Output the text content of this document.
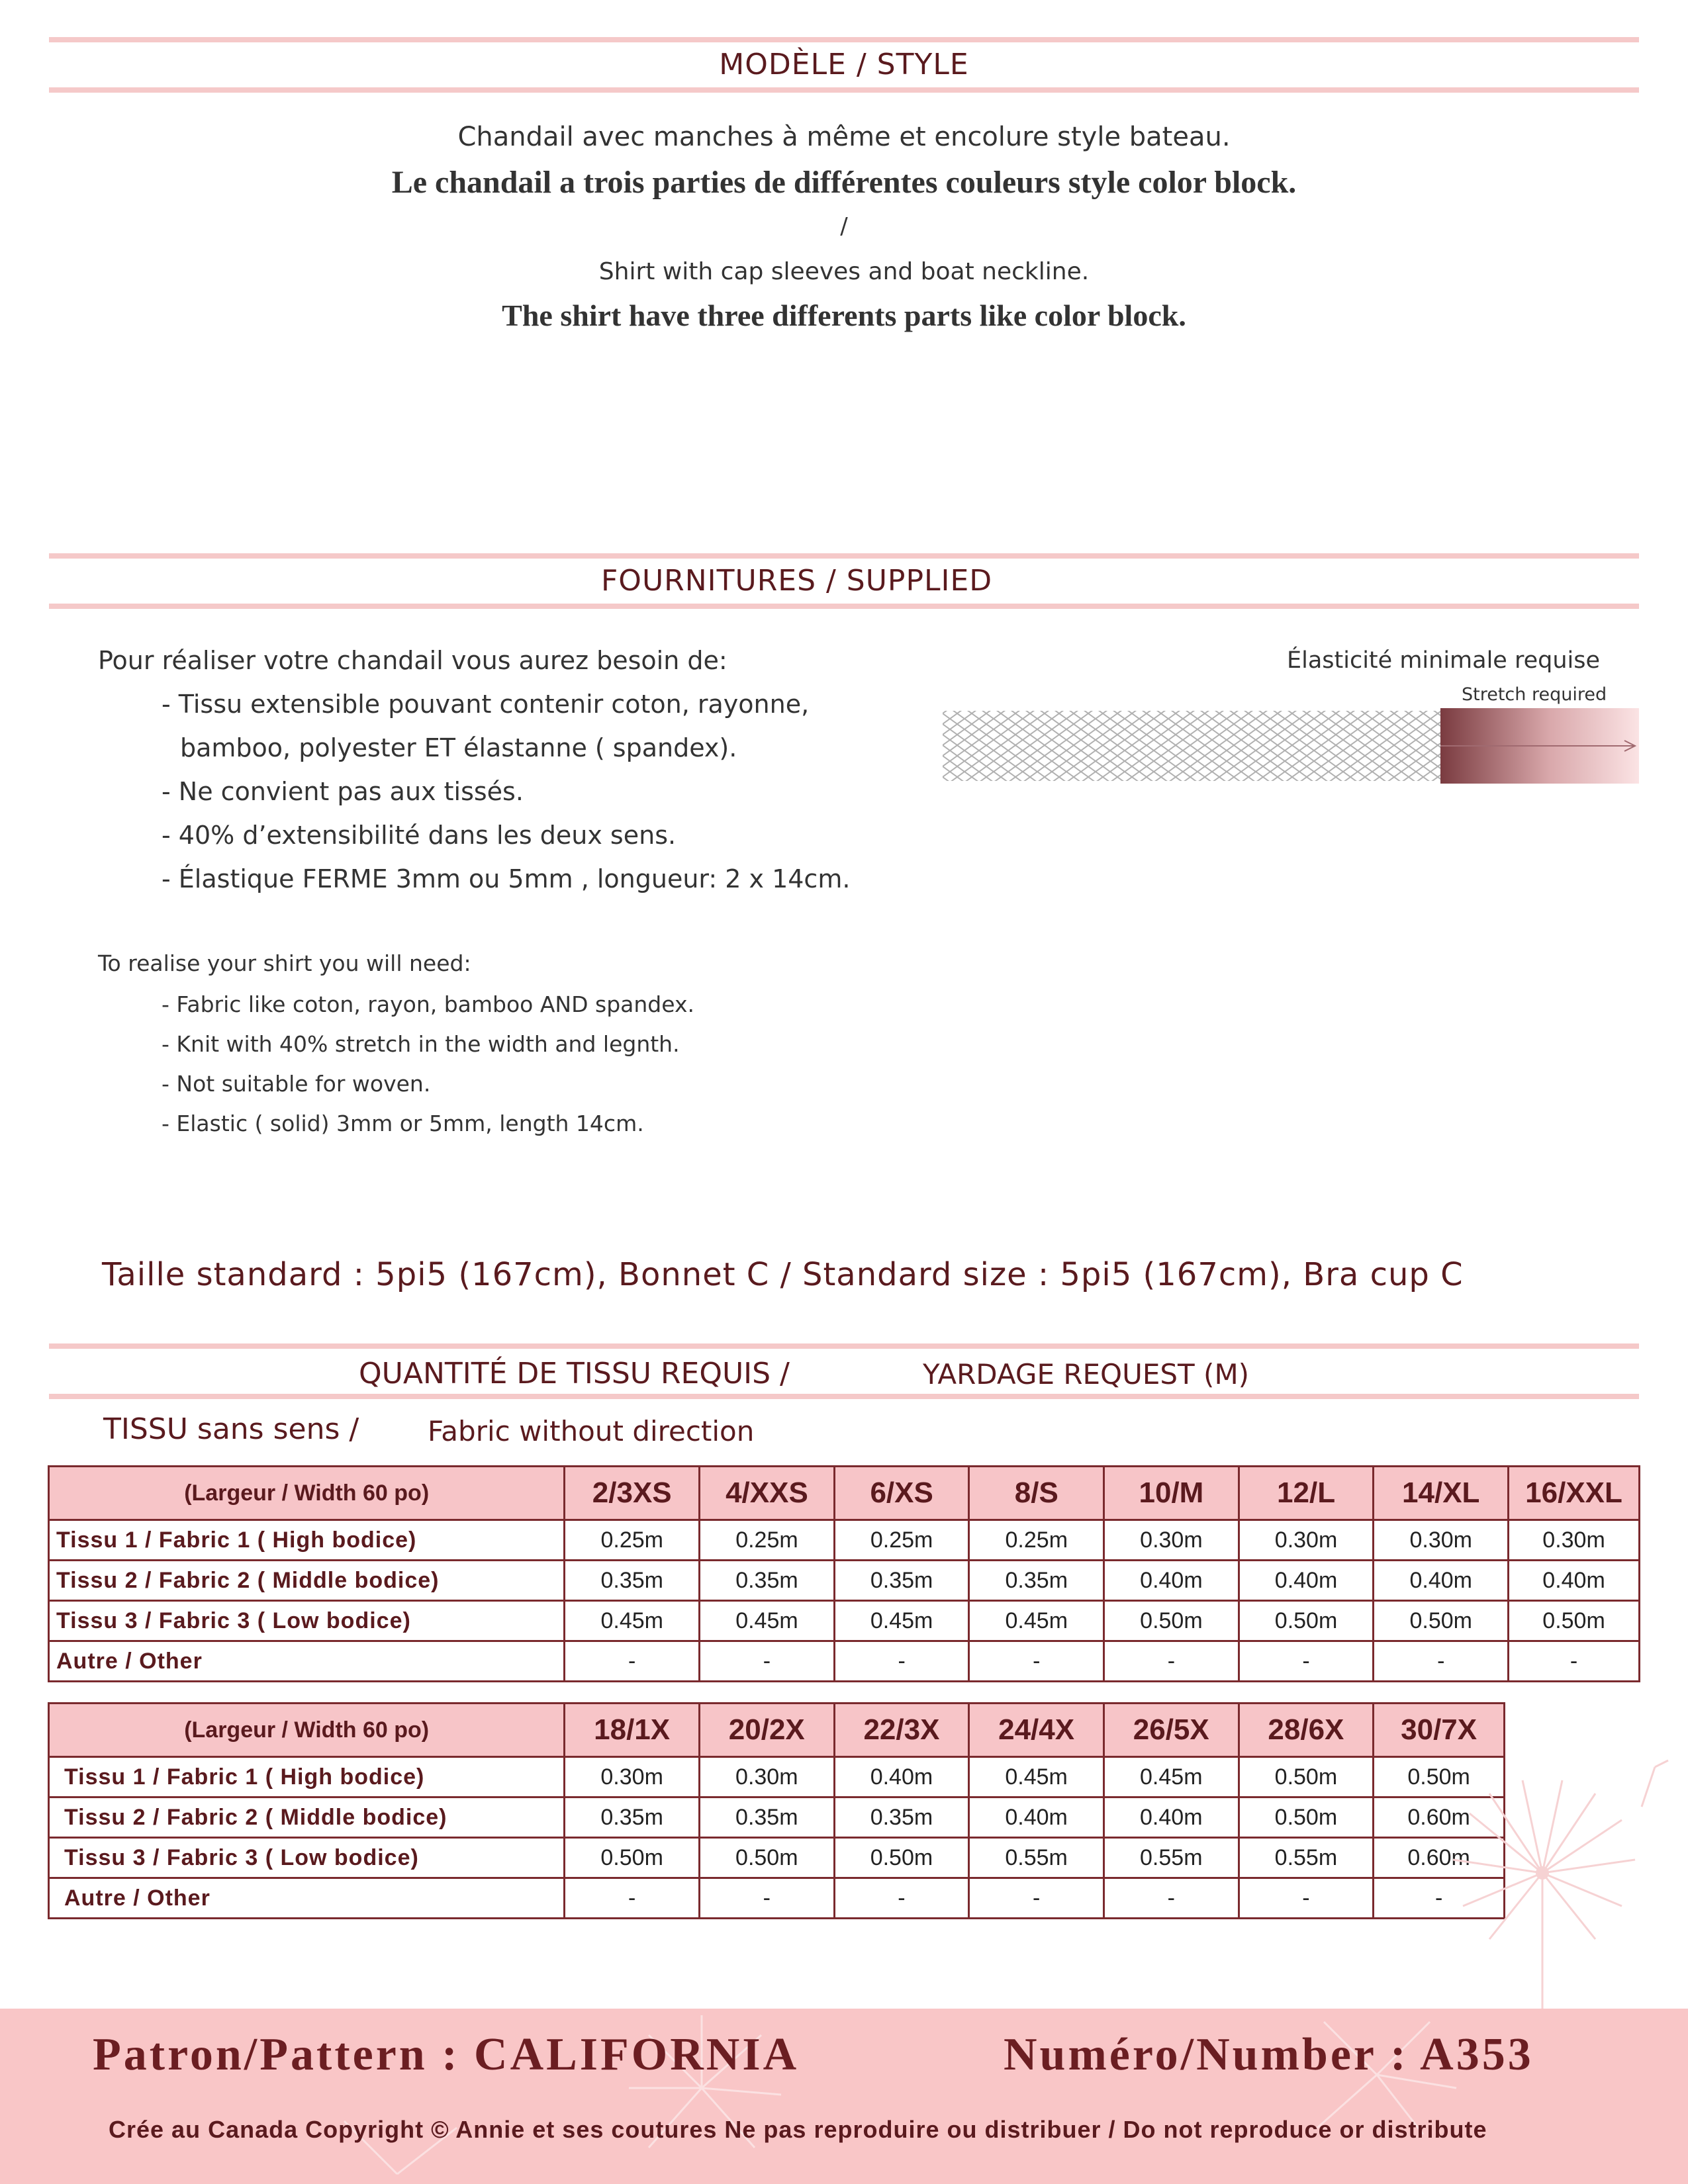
MODÈLE / STYLE
Chandail avec manches à même et encolure style bateau.
Le chandail a trois parties de différentes couleurs style color block.
/
Shirt with cap sleeves and boat neckline.
The shirt have three differents parts like color block.
FOURNITURES / SUPPLIED
Pour réaliser votre chandail vous aurez besoin de:
- Tissu extensible pouvant contenir coton, rayonne,
bamboo, polyester ET élastanne ( spandex).
- Ne convient pas aux tissés.
- 40% d’extensibilité dans les deux sens.
- Élastique FERME 3mm ou 5mm , longueur: 2 x 14cm.
To realise your shirt you will need:
- Fabric like coton, rayon, bamboo AND spandex.
- Knit with 40% stretch in the width and legnth.
- Not suitable for woven.
- Elastic ( solid) 3mm or 5mm, length 14cm.
Élasticité minimale requise
Stretch required
Taille standard : 5pi5 (167cm), Bonnet C / Standard size : 5pi5 (167cm), Bra cup C
QUANTITÉ DE TISSU REQUIS /	YARDAGE REQUEST (M)
TISSU sans sens / Fabric without direction
(Largeur / Width 60 po)	2/3XS	4/XXS	6/XS	8/S	10/M	12/L	14/XL	16/XXL
Tissu 1 / Fabric 1 ( High bodice)	0.25m	0.25m	0.25m	0.25m	0.30m	0.30m	0.30m	0.30m
Tissu 2 / Fabric 2 ( Middle bodice)	0.35m	0.35m	0.35m	0.35m	0.40m	0.40m	0.40m	0.40m
Tissu 3 / Fabric 3 ( Low bodice)	0.45m	0.45m	0.45m	0.45m	0.50m	0.50m	0.50m	0.50m
Autre / Other	-	-	-	-	-	-	-	-
(Largeur / Width 60 po)	18/1X	20/2X	22/3X	24/4X	26/5X	28/6X	30/7X
Tissu 1 / Fabric 1 ( High bodice)	0.30m	0.30m	0.40m	0.45m	0.45m	0.50m	0.50m
Tissu 2 / Fabric 2 ( Middle bodice)	0.35m	0.35m	0.35m	0.40m	0.40m	0.50m	0.60m
Tissu 3 / Fabric 3 ( Low bodice)	0.50m	0.50m	0.50m	0.55m	0.55m	0.55m	0.60m
Autre / Other	-	-	-	-	-	-	-
Patron/Pattern : CALIFORNIA	Numéro/Number : A353
Crée au Canada Copyright © Annie et ses coutures Ne pas reproduire ou distribuer / Do not reproduce or distribute
